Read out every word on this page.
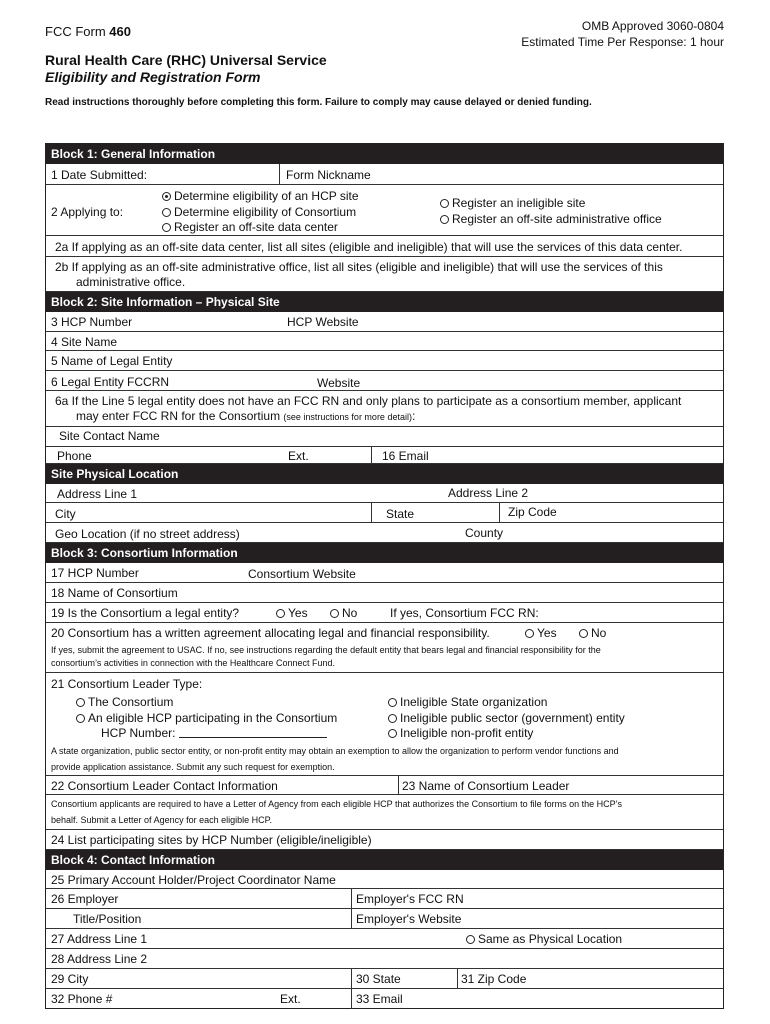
FCC Form 460	OMB Approved 3060-0804
Estimated Time Per Response: 1 hour
Rural Health Care (RHC) Universal Service
Eligibility and Registration Form
Read instructions thoroughly before completing this form. Failure to comply may cause delayed or denied funding.
Block 1: General Information
1 Date Submitted:	Form Nickname
2 Applying to:
Determine eligibility of an HCP site
Determine eligibility of Consortium
Register an off-site data center
Register an ineligible site
Register an off-site administrative office
2a If applying as an off-site data center, list all sites (eligible and ineligible) that will use the services of this data center.
2b If applying as an off-site administrative office, list all sites (eligible and ineligible) that will use the services of this
administrative office.
Block 2: Site Information – Physical Site
3 HCP Number	HCP Website
4 Site Name
5 Name of Legal Entity
6 Legal Entity FCCRN	Website
6a If the Line 5 legal entity does not have an FCC RN and only plans to participate as a consortium member, applicant
may enter FCC RN for the Consortium (see instructions for more detail):
Site Contact Name
Phone	Ext.	16 Email
Site Physical Location
Address Line 1	Address Line 2
City	State	Zip Code
Geo Location (if no street address)	County
Block 3: Consortium Information
17 HCP Number	Consortium Website
18 Name of Consortium
19 Is the Consortium a legal entity?	Yes	No	If yes, Consortium FCC RN:
20 Consortium has a written agreement allocating legal and financial responsibility.	Yes	No
If yes, submit the agreement to USAC. If no, see instructions regarding the default entity that bears legal and financial responsibility for the
consortium’s activities in connection with the Healthcare Connect Fund.
21 Consortium Leader Type:
The Consortium
An eligible HCP participating in the Consortium
HCP Number:
Ineligible State organization
Ineligible public sector (government) entity
Ineligible non-profit entity
A state organization, public sector entity, or non-profit entity may obtain an exemption to allow the organization to perform vendor functions and
provide application assistance. Submit any such request for exemption.
22 Consortium Leader Contact Information	23 Name of Consortium Leader
Consortium applicants are required to have a Letter of Agency from each eligible HCP that authorizes the Consortium to file forms on the HCP’s
behalf. Submit a Letter of Agency for each eligible HCP.
24 List participating sites by HCP Number (eligible/ineligible)
Block 4: Contact Information
25 Primary Account Holder/Project Coordinator Name
26 Employer	Employer's FCC RN
Title/Position	Employer's Website
27 Address Line 1	Same as Physical Location
28 Address Line 2
29 City	30 State	31 Zip Code
32 Phone #	Ext.	33 Email
